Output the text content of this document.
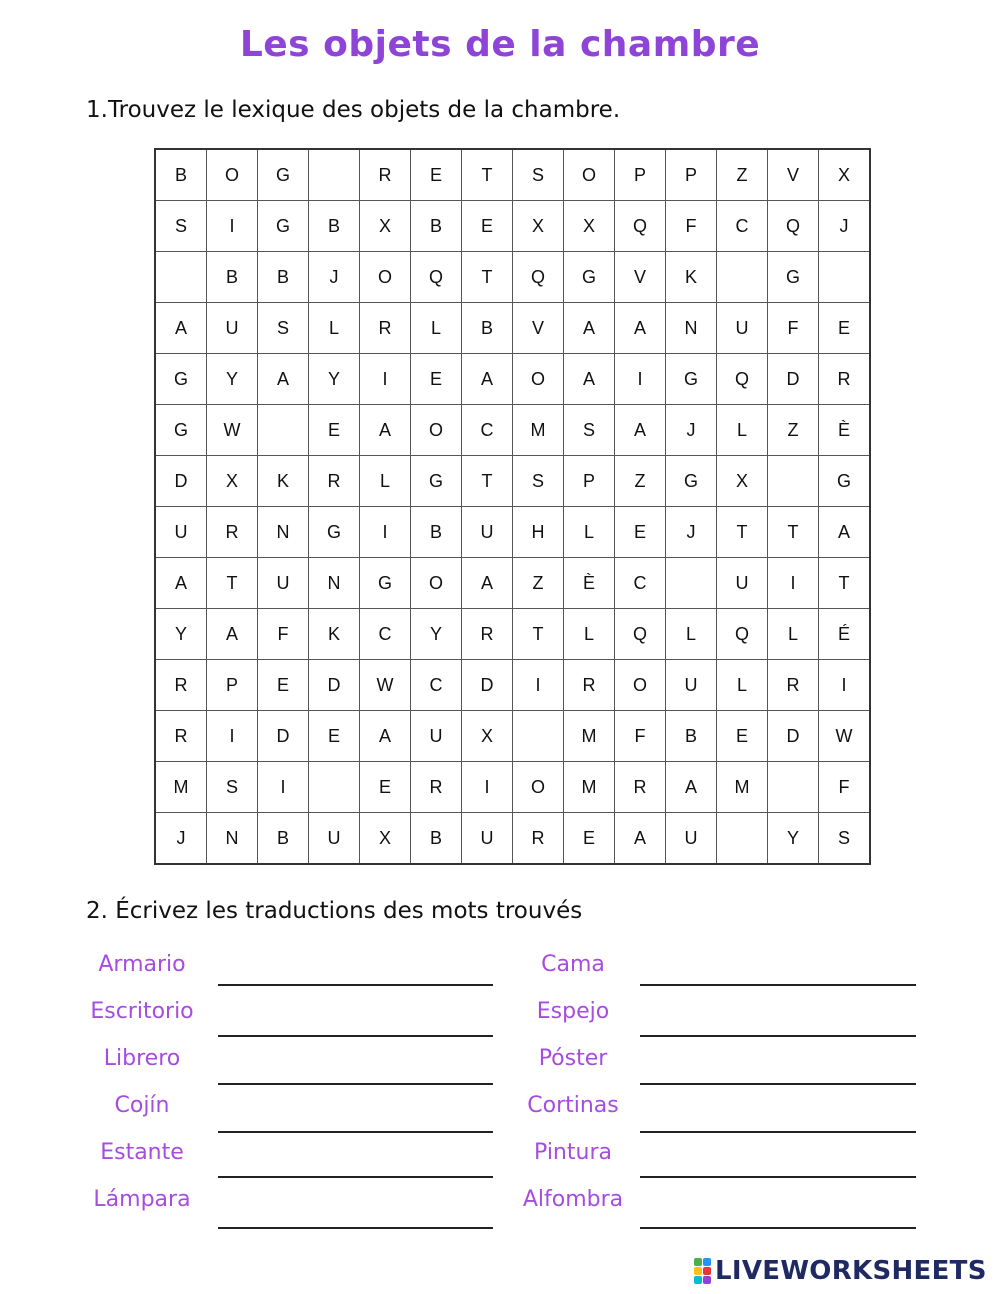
Les objets de la chambre
1.Trouvez le lexique des objets de la chambre.
B	O	G		R	E	T	S	O	P	P	Z	V	X
S	I	G	B	X	B	E	X	X	Q	F	C	Q	J
	B	B	J	O	Q	T	Q	G	V	K		G	
A	U	S	L	R	L	B	V	A	A	N	U	F	E
G	Y	A	Y	I	E	A	O	A	I	G	Q	D	R
G	W		E	A	O	C	M	S	A	J	L	Z	È
D	X	K	R	L	G	T	S	P	Z	G	X		G
U	R	N	G	I	B	U	H	L	E	J	T	T	A
A	T	U	N	G	O	A	Z	È	C		U	I	T
Y	A	F	K	C	Y	R	T	L	Q	L	Q	L	É
R	P	E	D	W	C	D	I	R	O	U	L	R	I
R	I	D	E	A	U	X		M	F	B	E	D	W
M	S	I		E	R	I	O	M	R	A	M		F
J	N	B	U	X	B	U	R	E	A	U		Y	S
2. Écrivez les traductions des mots trouvés
Armario	Cama
Escritorio	Espejo
Librero	Póster
Cojín	Cortinas
Estante	Pintura
Lámpara	Alfombra
LIVEWORKSHEETS
